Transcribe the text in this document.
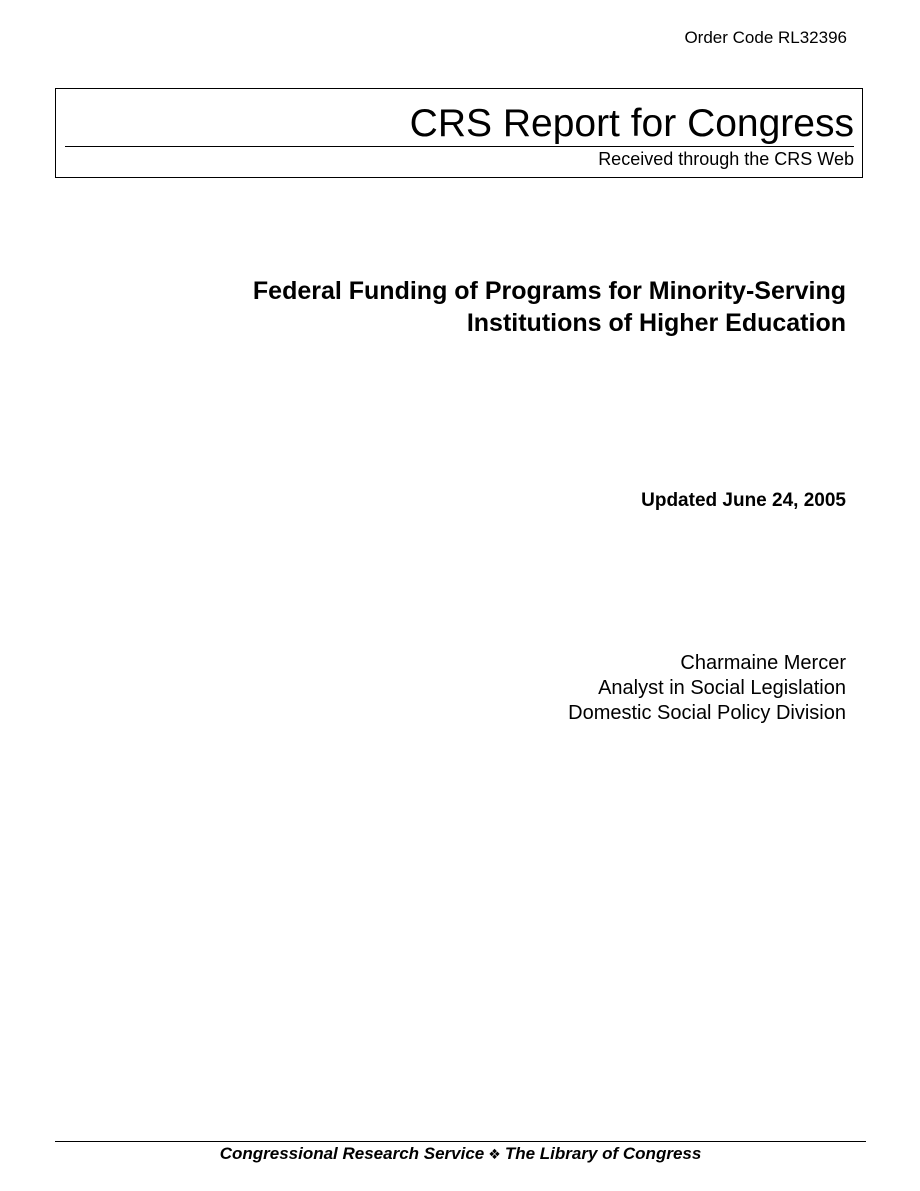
Order Code RL32396
CRS Report for Congress
Received through the CRS Web
Federal Funding of Programs for Minority-Serving
Institutions of Higher Education
Updated June 24, 2005
Charmaine Mercer
Analyst in Social Legislation
Domestic Social Policy Division
Congressional Research Service ❖ The Library of Congress
